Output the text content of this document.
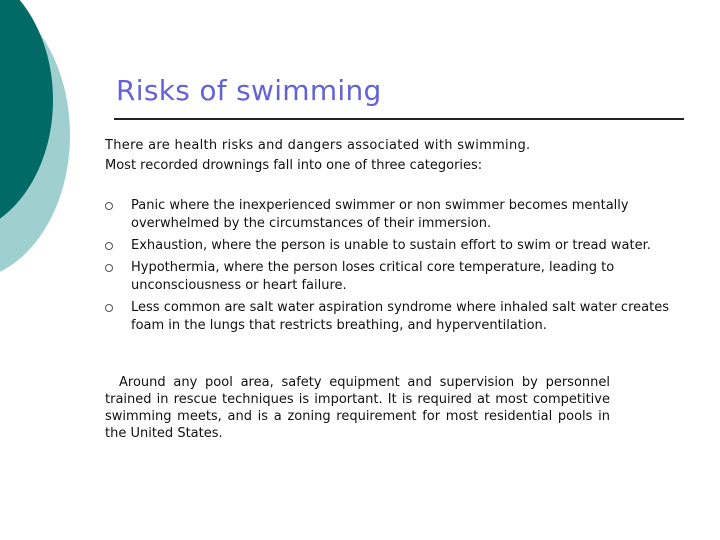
Risks of swimming
There are health risks and dangers associated with swimming.
Most recorded drownings fall into one of three categories:
Panic where the inexperienced swimmer or non swimmer becomes mentally overwhelmed by the circumstances of their immersion.
Exhaustion, where the person is unable to sustain effort to swim or tread water.
Hypothermia, where the person loses critical core temperature, leading to unconsciousness or heart failure.
Less common are salt water aspiration syndrome where inhaled salt water creates foam in the lungs that restricts breathing, and hyperventilation.

Around any pool area, safety equipment and supervision by personnel trained in rescue techniques is important. It is required at most competitive swimming meets, and is a zoning requirement for most residential pools in the United States.
